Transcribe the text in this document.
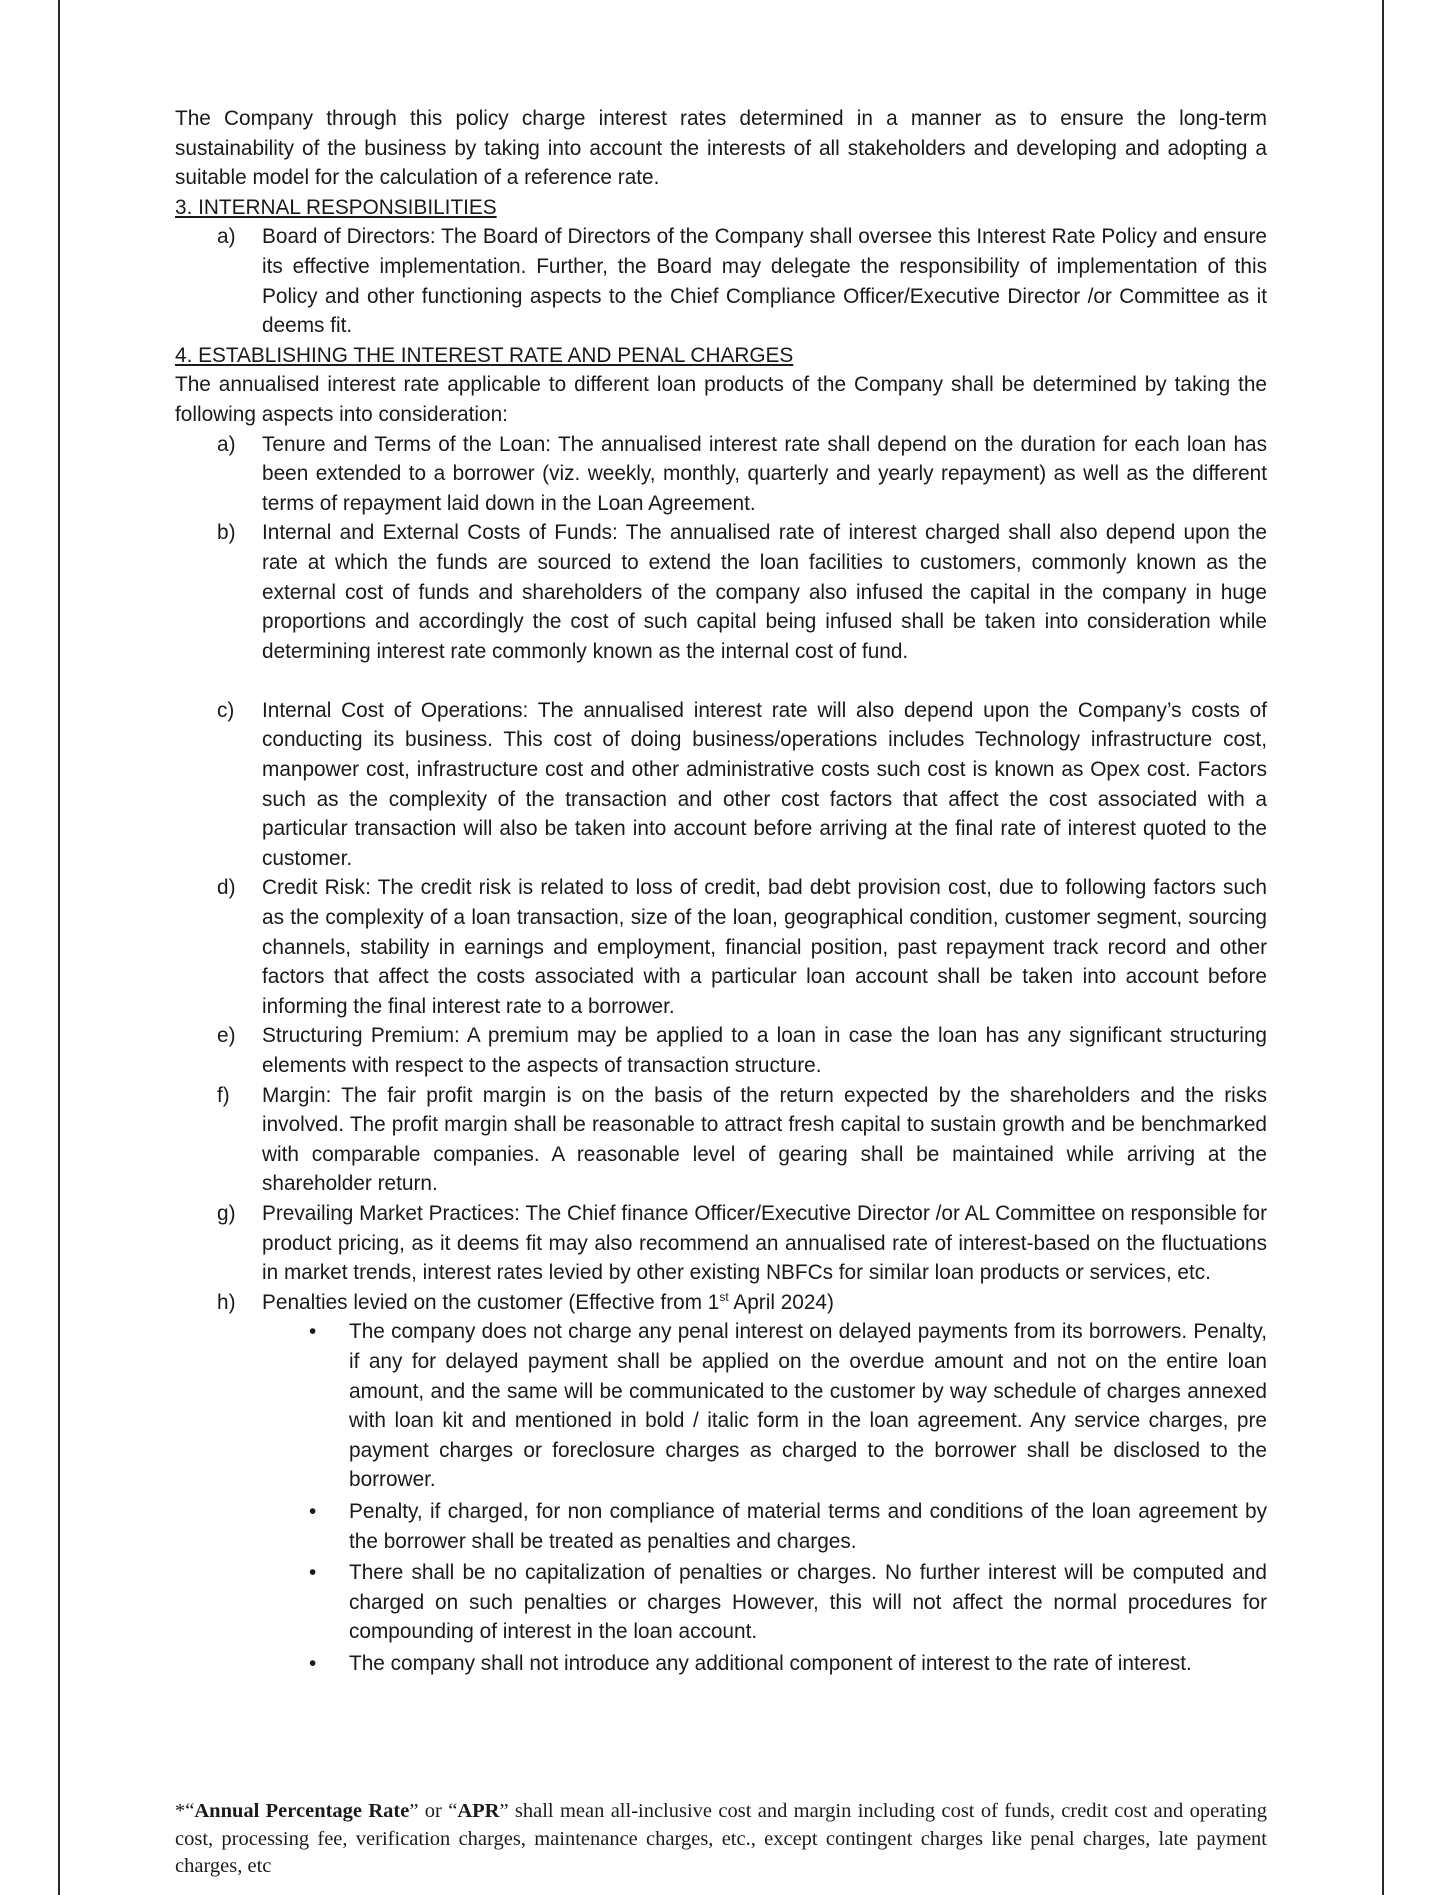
The Company through this policy charge interest rates determined in a manner as to ensure the long-term sustainability of the business by taking into account the interests of all stakeholders and developing and adopting a suitable model for the calculation of a reference rate.

3. INTERNAL RESPONSIBILITIES

a) Board of Directors: The Board of Directors of the Company shall oversee this Interest Rate Policy and ensure its effective implementation. Further, the Board may delegate the responsibility of implementation of this Policy and other functioning aspects to the Chief Compliance Officer/Executive Director /or Committee as it deems fit.

4. ESTABLISHING THE INTEREST RATE AND PENAL CHARGES

The annualised interest rate applicable to different loan products of the Company shall be determined by taking the following aspects into consideration:

a) Tenure and Terms of the Loan: The annualised interest rate shall depend on the duration for each loan has been extended to a borrower (viz. weekly, monthly, quarterly and yearly repayment) as well as the different terms of repayment laid down in the Loan Agreement.

b) Internal and External Costs of Funds: The annualised rate of interest charged shall also depend upon the rate at which the funds are sourced to extend the loan facilities to customers, commonly known as the external cost of funds and shareholders of the company also infused the capital in the company in huge proportions and accordingly the cost of such capital being infused shall be taken into consideration while determining interest rate commonly known as the internal cost of fund.

c) Internal Cost of Operations: The annualised interest rate will also depend upon the Company’s costs of conducting its business. This cost of doing business/operations includes Technology infrastructure cost, manpower cost, infrastructure cost and other administrative costs such cost is known as Opex cost. Factors such as the complexity of the transaction and other cost factors that affect the cost associated with a particular transaction will also be taken into account before arriving at the final rate of interest quoted to the customer.

d) Credit Risk: The credit risk is related to loss of credit, bad debt provision cost, due to following factors such as the complexity of a loan transaction, size of the loan, geographical condition, customer segment, sourcing channels, stability in earnings and employment, financial position, past repayment track record and other factors that affect the costs associated with a particular loan account shall be taken into account before informing the final interest rate to a borrower.

e) Structuring Premium: A premium may be applied to a loan in case the loan has any significant structuring elements with respect to the aspects of transaction structure.

f) Margin: The fair profit margin is on the basis of the return expected by the shareholders and the risks involved. The profit margin shall be reasonable to attract fresh capital to sustain growth and be benchmarked with comparable companies. A reasonable level of gearing shall be maintained while arriving at the shareholder return.

g) Prevailing Market Practices: The Chief finance Officer/Executive Director /or AL Committee on responsible for product pricing, as it deems fit may also recommend an annualised rate of interest-based on the fluctuations in market trends, interest rates levied by other existing NBFCs for similar loan products or services, etc.

h) Penalties levied on the customer (Effective from 1st April 2024)

• The company does not charge any penal interest on delayed payments from its borrowers. Penalty, if any for delayed payment shall be applied on the overdue amount and not on the entire loan amount, and the same will be communicated to the customer by way schedule of charges annexed with loan kit and mentioned in bold / italic form in the loan agreement. Any service charges, pre payment charges or foreclosure charges as charged to the borrower shall be disclosed to the borrower.
• Penalty, if charged, for non compliance of material terms and conditions of the loan agreement by the borrower shall be treated as penalties and charges.
• There shall be no capitalization of penalties or charges. No further interest will be computed and charged on such penalties or charges However, this will not affect the normal procedures for compounding of interest in the loan account.
• The company shall not introduce any additional component of interest to the rate of interest.

*“Annual Percentage Rate” or “APR” shall mean all-inclusive cost and margin including cost of funds, credit cost and operating cost, processing fee, verification charges, maintenance charges, etc., except contingent charges like penal charges, late payment charges, etc
